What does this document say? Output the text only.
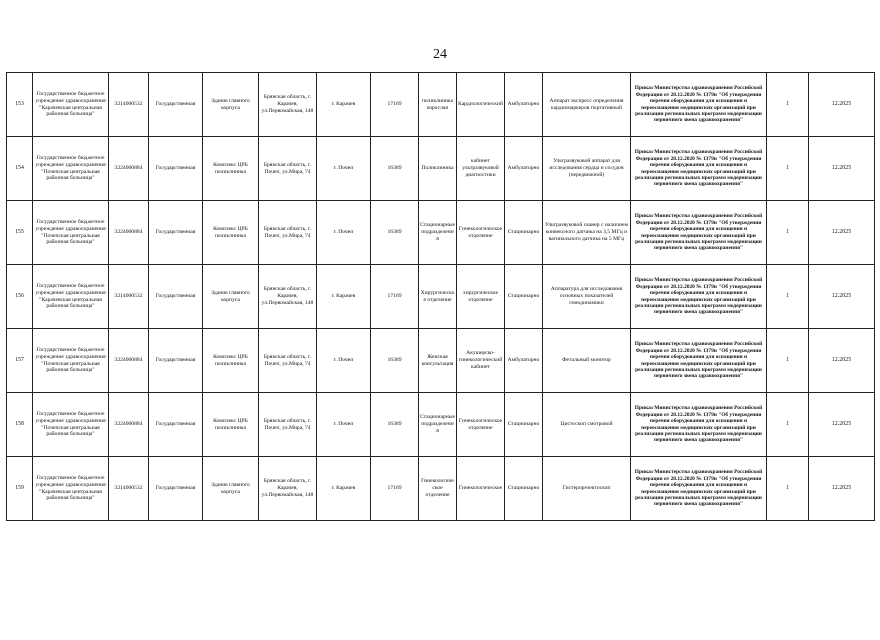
24
153	Государственное бюджетное учреждение здравоохранения "Карачевская центральная районная больница"	3214000532	Государственная	Здание главного корпуса	Брянская область, г. Карачев, ул.Первомайская, 148	г. Карачев	17169	поликлиника взрослая	Кардиологический	Амбулаторно	Аппарат экспресс определения кардиомаркеров портативный	Приказ Министерства здравоохранения Российской Федерации от 28.12.2020 № 1379н "Об утверждении перечня оборудования для оснащения и переоснащения медицинских организаций при реализации региональных программ модернизации первичного звена здравоохранения"	1	12.2025
154	Государственное бюджетное учреждение здравоохранения "Почепская центральная районная больница"	3224000884	Государственная	Комплекс ЦРБ поликлиника	Брянская область, г. Почеп, ул.Мира, 74	г. Почеп	16389	Поликлиника	кабинет ультразвуковой диагностики	Амбулаторно	Ультразвуковой аппарат для исследования сердца и сосудов (передвижной)	Приказ Министерства здравоохранения Российской Федерации от 28.12.2020 № 1379н "Об утверждении перечня оборудования для оснащения и переоснащения медицинских организаций при реализации региональных программ модернизации первичного звена здравоохранения"	1	12.2025
155	Государственное бюджетное учреждение здравоохранения "Почепская центральная районная больница"	3224000884	Государственная	Комплекс ЦРБ поликлиника	Брянская область, г. Почеп, ул.Мира, 74	г. Почеп	16389	Стационарные подразделения	Гинекологическое отделение	Стационарно	Ультразвуковой сканер с наличием конвексного датчика на 3,5 МГц и вагинального датчика на 5 МГц	Приказ Министерства здравоохранения Российской Федерации от 28.12.2020 № 1379н "Об утверждении перечня оборудования для оснащения и переоснащения медицинских организаций при реализации региональных программ модернизации первичного звена здравоохранения"	1	12.2025
156	Государственное бюджетное учреждение здравоохранения "Карачевская центральная районная больница"	3214000532	Государственная	Здание главного корпуса	Брянская область, г. Карачев, ул.Первомайская, 148	г. Карачев	17169	Хирургическое отделение	хирургическое отделение	Стационарно	Аппаратура для исследования основных показателей гемодинамики	Приказ Министерства здравоохранения Российской Федерации от 28.12.2020 № 1379н "Об утверждении перечня оборудования для оснащения и переоснащения медицинских организаций при реализации региональных программ модернизации первичного звена здравоохранения"	1	12.2025
157	Государственное бюджетное учреждение здравоохранения "Почепская центральная районная больница"	3224000884	Государственная	Комплекс ЦРБ поликлиника	Брянская область, г. Почеп, ул.Мира, 74	г. Почеп	16389	Женская консультация	Акушерско-гинекологический кабинет	Амбулаторно	Фетальный монитор	Приказ Министерства здравоохранения Российской Федерации от 28.12.2020 № 1379н "Об утверждении перечня оборудования для оснащения и переоснащения медицинских организаций при реализации региональных программ модернизации первичного звена здравоохранения"	1	12.2025
158	Государственное бюджетное учреждение здравоохранения "Почепская центральная районная больница"	3224000884	Государственная	Комплекс ЦРБ поликлиника	Брянская область, г. Почеп, ул.Мира, 74	г. Почеп	16389	Стационарные подразделения	Гинекологическое отделение	Стационарно	Цистоскоп смотровой	Приказ Министерства здравоохранения Российской Федерации от 28.12.2020 № 1379н "Об утверждении перечня оборудования для оснащения и переоснащения медицинских организаций при реализации региональных программ модернизации первичного звена здравоохранения"	1	12.2025
159	Государственное бюджетное учреждение здравоохранения "Карачевская центральная районная больница"	3214000532	Государственная	Здание главного корпуса	Брянская область, г. Карачев, ул.Первомайская, 148	г. Карачев	17169	Гинекологическое отделение	Гинекологическое	Стационарно	Гистерорезектоскоп	Приказ Министерства здравоохранения Российской Федерации от 28.12.2020 № 1379н "Об утверждении перечня оборудования для оснащения и переоснащения медицинских организаций при реализации региональных программ модернизации первичного звена здравоохранения"	1	12.2025
